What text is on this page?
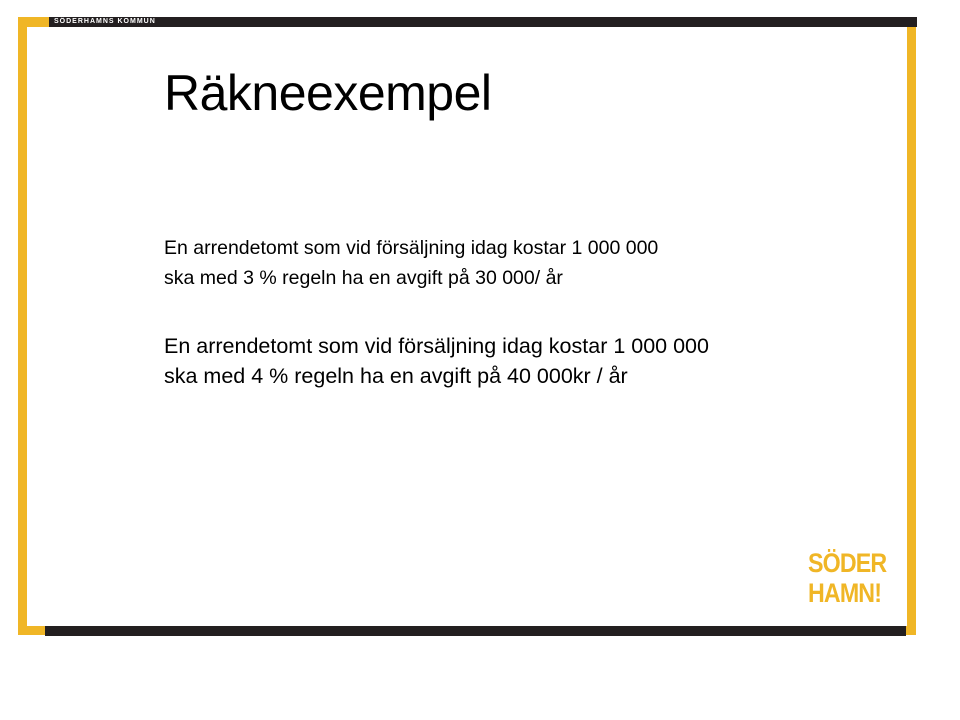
SÖDERHAMNS KOMMUN
Räkneexempel

En arrendetomt som vid försäljning idag kostar 1 000 000
ska med 3 % regeln ha en avgift på 30 000/ år

En arrendetomt som vid försäljning idag kostar 1 000 000
ska med 4 % regeln ha en avgift på 40 000kr / år

SÖDER
HAMN!
